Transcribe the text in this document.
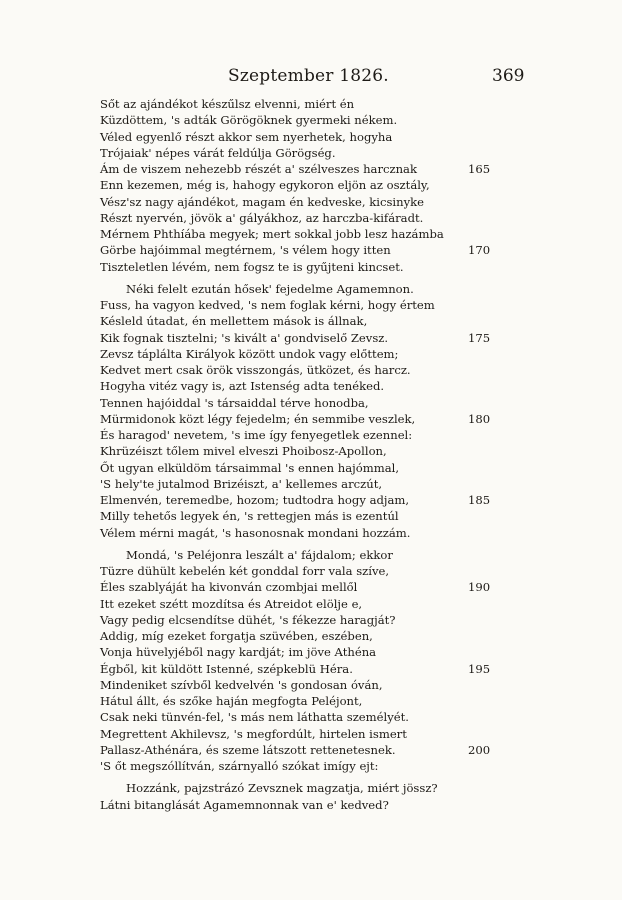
Szeptember 1826.	369
Sőt az ajándékot készűlsz elvenni, miért én
Küzdöttem, 's adták Görögöknek gyermeki nékem.
Véled egyenlő részt akkor sem nyerhetek, hogyha
Trójaiak' népes várát feldúlja Görögség.
Ám de viszem nehezebb részét a' szélveszes harcznak	165
Enn kezemen, még is, hahogy egykoron eljön az osztály,
Vész'sz nagy ajándékot, magam én kedveske, kicsinyke
Részt nyervén, jövök a' gályákhoz, az harczba-kifáradt.
Mérnem Phthíába megyek; mert sokkal jobb lesz hazámba
Görbe hajóimmal megtérnem, 's vélem hogy itten	170
Tiszteletlen lévém, nem fogsz te is gyűjteni kincset.
Néki felelt ezután hősek' fejedelme Agamemnon.
Fuss, ha vagyon kedved, 's nem foglak kérni, hogy értem
Késleld útadat, én mellettem mások is állnak,
Kik fognak tisztelni; 's kivált a' gondviselő Zevsz.	175
Zevsz táplálta Királyok között undok vagy előttem;
Kedvet mert csak örök visszongás, ütközet, és harcz.
Hogyha vitéz vagy is, azt Istenség adta tenéked.
Tennen hajóiddal 's társaiddal térve honodba,
Mürmidonok közt légy fejedelm; én semmibe veszlek,	180
És haragod' nevetem, 's ime így fenyegetlek ezennel:
Khrüzéiszt tőlem mivel elveszi Phoibosz-Apollon,
Őt ugyan elküldöm társaimmal 's ennen hajómmal,
'S hely'te jutalmod Brizéiszt, a' kellemes arczút,
Elmenvén, teremedbe, hozom; tudtodra hogy adjam,	185
Milly tehetős legyek én, 's rettegjen más is ezentúl
Vélem mérni magát, 's hasonosnak mondani hozzám.
Mondá, 's Peléjonra leszált a' fájdalom; ekkor
Tüzre dühült kebelén két gonddal forr vala szíve,
Éles szablyáját ha kivonván czombjai mellől	190
Itt ezeket szétt mozdítsa és Atreidot elölje e,
Vagy pedig elcsendítse dühét, 's fékezze haragját?
Addig, míg ezeket forgatja szüvében, eszében,
Vonja hüvelyjéből nagy kardját; im jöve Athéna
Égből, kit küldött Istenné, szépkeblü Héra.	195
Mindeniket szívből kedvelvén 's gondosan óván,
Hátul állt, és szőke haján megfogta Peléjont,
Csak neki tünvén-fel, 's más nem láthatta személyét.
Megrettent Akhilevsz, 's megfordúlt, hirtelen ismert
Pallasz-Athénára, és szeme látszott rettenetesnek.	200
'S őt megszóllítván, szárnyalló szókat imígy ejt:
Hozzánk, pajzstrázó Zevsznek magzatja, miért jössz?
Látni bitanglását Agamemnonnak van e' kedved?
